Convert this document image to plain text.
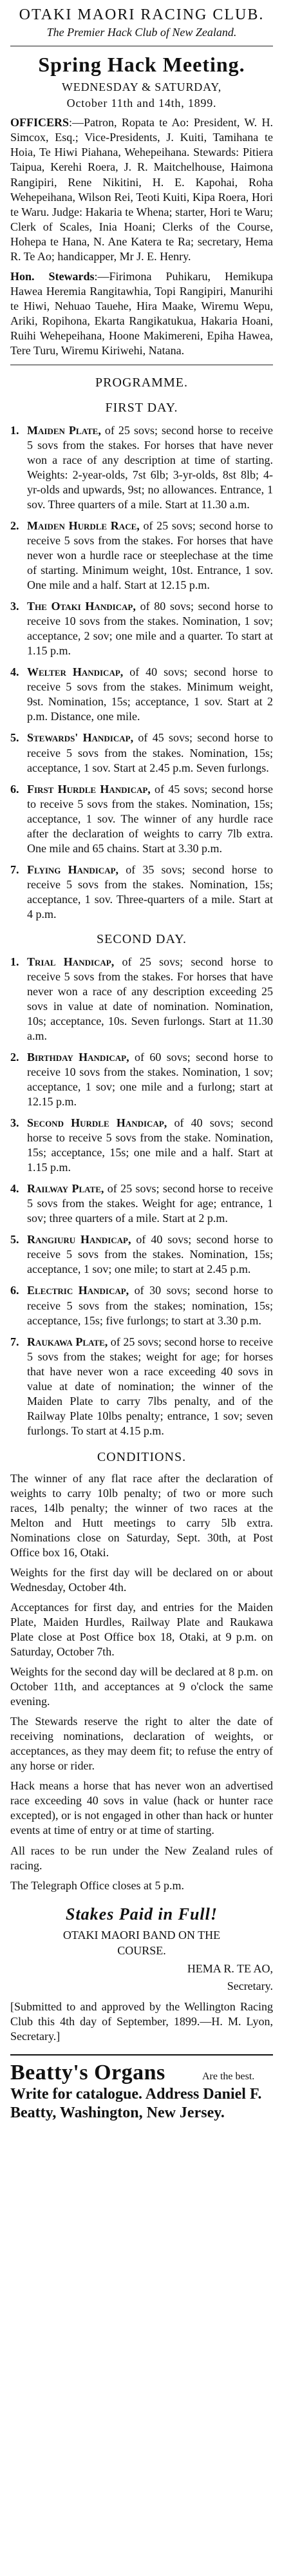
OTAKI MAORI RACING CLUB.

The Premier Hack Club of New Zealand.

Spring Hack Meeting.

WEDNESDAY & SATURDAY,

October 11th and 14th, 1899.

OFFICERS:—Patron, Ropata te Ao: President, W. H. Simcox, Esq.; Vice-Presidents, J. Kuiti, Tamihana te Hoia, Te Hiwi Piahana, Wehepeihana. Stewards: Pitiera Taipua, Kerehi Roera, J. R. Maitchelhouse, Haimona Rangipiri, Rene Nikitini, H. E. Kapohai, Roha Wehepeihana, Wilson Rei, Teoti Kuiti, Kipa Roera, Hori te Waru. Judge: Hakaria te Whena; starter, Hori te Waru; Clerk of Scales, Inia Hoani; Clerks of the Course, Hohepa te Hana, N. Ane Katera te Ra; secretary, Hema R. Te Ao; handicapper, Mr J. E. Henry.

Hon. Stewards:—Firimona Puhikaru, Hemikupa Hawea Heremia Rangitawhia, Topi Rangipiri, Manurihi te Hiwi, Nehuao Tauehe, Hira Maake, Wiremu Wepu, Ariki, Ropihona, Ekarta Rangikatukua, Hakaria Hoani, Ruihi Wehepeihana, Hoone Makimereni, Epiha Hawea, Tere Turu, Wiremu Kiriwehi, Natana.

PROGRAMME.

FIRST DAY.

1. Maiden Plate, of 25 sovs; second horse to receive 5 sovs from the stakes. For horses that have never won a race of any description at time of starting. Weights: 2-year-olds, 7st 6lb; 3-yr-olds, 8st 8lb; 4-yr-olds and upwards, 9st; no allowances. Entrance, 1 sov. Three quarters of a mile. Start at 11.30 a.m.
2. Maiden Hurdle Race, of 25 sovs; second horse to receive 5 sovs from the stakes. For horses that have never won a hurdle race or steeplechase at the time of starting. Minimum weight, 10st. Entrance, 1 sov. One mile and a half. Start at 12.15 p.m.
3. The Otaki Handicap, of 80 sovs; second horse to receive 10 sovs from the stakes. Nomination, 1 sov; acceptance, 2 sov; one mile and a quarter. To start at 1.15 p.m.
4. Welter Handicap, of 40 sovs; second horse to receive 5 sovs from the stakes. Minimum weight, 9st. Nomination, 15s; acceptance, 1 sov. Start at 2 p.m. Distance, one mile.
5. Stewards' Handicap, of 45 sovs; second horse to receive 5 sovs from the stakes. Nomination, 15s; acceptance, 1 sov. Start at 2.45 p.m. Seven furlongs.
6. First Hurdle Handicap, of 45 sovs; second horse to receive 5 sovs from the stakes. Nomination, 15s; acceptance, 1 sov. The winner of any hurdle race after the declaration of weights to carry 7lb extra. One mile and 65 chains. Start at 3.30 p.m.
7. Flying Handicap, of 35 sovs; second horse to receive 5 sovs from the stakes. Nomination, 15s; acceptance, 1 sov. Three-quarters of a mile. Start at 4 p.m.

SECOND DAY.

1. Trial Handicap, of 25 sovs; second horse to receive 5 sovs from the stakes. For horses that have never won a race of any description exceeding 25 sovs in value at date of nomination. Nomination, 10s; acceptance, 10s. Seven furlongs. Start at 11.30 a.m.
2. Birthday Handicap, of 60 sovs; second horse to receive 10 sovs from the stakes. Nomination, 1 sov; acceptance, 1 sov; one mile and a furlong; start at 12.15 p.m.
3. Second Hurdle Handicap, of 40 sovs; second horse to receive 5 sovs from the stake. Nomination, 15s; acceptance, 15s; one mile and a half. Start at 1.15 p.m.
4. Railway Plate, of 25 sovs; second horse to receive 5 sovs from the stakes. Weight for age; entrance, 1 sov; three quarters of a mile. Start at 2 p.m.
5. Rangiuru Handicap, of 40 sovs; second horse to receive 5 sovs from the stakes. Nomination, 15s; acceptance, 1 sov; one mile; to start at 2.45 p.m.
6. Electric Handicap, of 30 sovs; second horse to receive 5 sovs from the stakes; nomination, 15s; acceptance, 15s; five furlongs; to start at 3.30 p.m.
7. Raukawa Plate, of 25 sovs; second horse to receive 5 sovs from the stakes; weight for age; for horses that have never won a race exceeding 40 sovs in value at date of nomination; the winner of the Maiden Plate to carry 7lbs penalty, and of the Railway Plate 10lbs penalty; entrance, 1 sov; seven furlongs. To start at 4.15 p.m.

CONDITIONS.

The winner of any flat race after the declaration of weights to carry 10lb penalty; of two or more such races, 14lb penalty; the winner of two races at the Melton and Hutt meetings to carry 5lb extra. Nominations close on Saturday, Sept. 30th, at Post Office box 16, Otaki.

Weights for the first day will be declared on or about Wednesday, October 4th.

Acceptances for first day, and entries for the Maiden Plate, Maiden Hurdles, Railway Plate and Raukawa Plate close at Post Office box 18, Otaki, at 9 p.m. on Saturday, October 7th.

Weights for the second day will be declared at 8 p.m. on October 11th, and acceptances at 9 o'clock the same evening.

The Stewards reserve the right to alter the date of receiving nominations, declaration of weights, or acceptances, as they may deem fit; to refuse the entry of any horse or rider.

Hack means a horse that has never won an advertised race exceeding 40 sovs in value (hack or hunter race excepted), or is not engaged in other than hack or hunter events at time of entry or at time of starting.

All races to be run under the New Zealand rules of racing.

The Telegraph Office closes at 5 p.m.

Stakes Paid in Full!

OTAKI MAORI BAND ON THE

COURSE.

HEMA R. TE AO,

Secretary.

[Submitted to and approved by the Wellington Racing Club this 4th day of September, 1899.—H. M. Lyon, Secretary.]

Beatty's Organs	Are the best.
Write for catalogue. Address Daniel F. Beatty, Washington, New Jersey.
